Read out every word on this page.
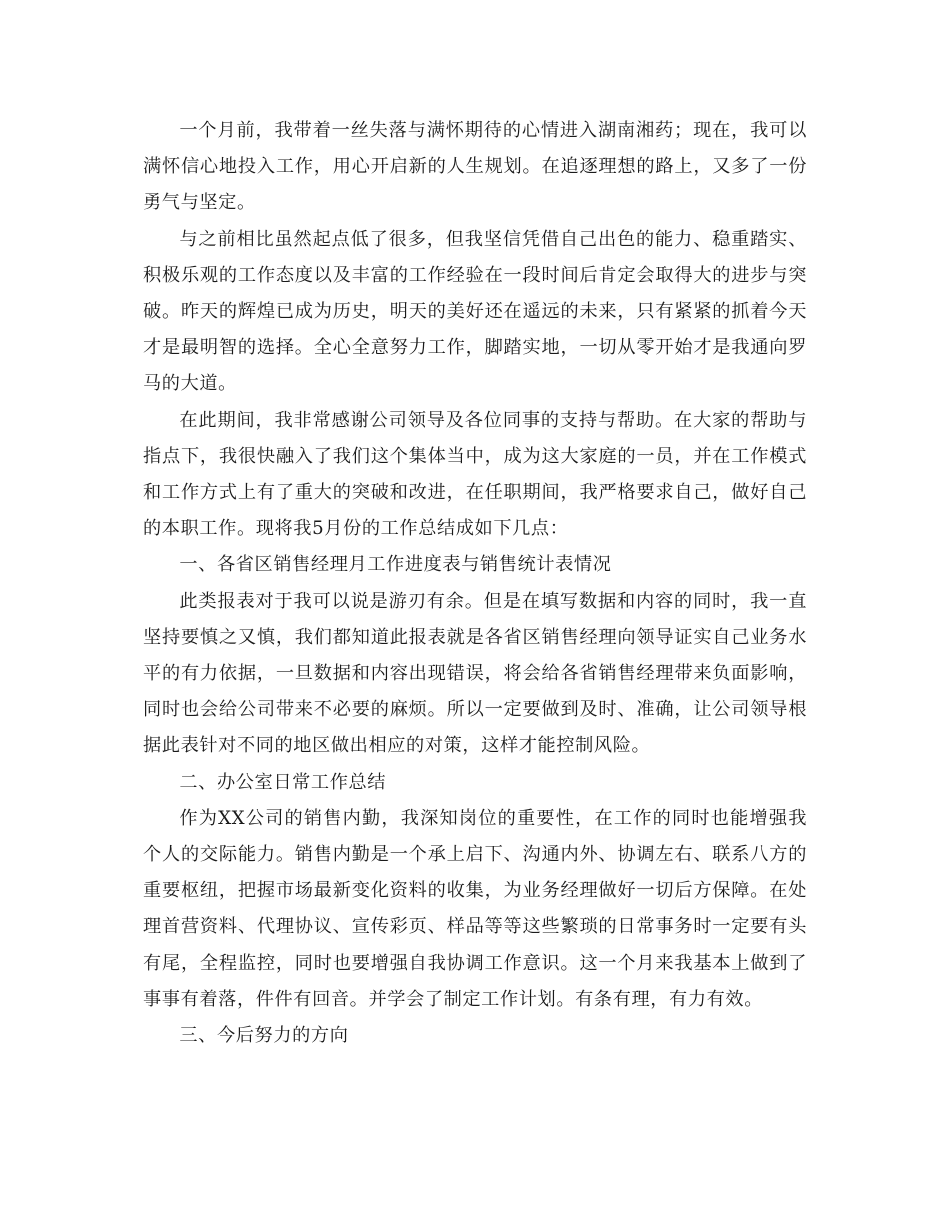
一个月前，我带着一丝失落与满怀期待的心情进入湖南湘药；现在，我可以满怀信心地投入工作，用心开启新的人生规划。在追逐理想的路上，又多了一份勇气与坚定。

与之前相比虽然起点低了很多，但我坚信凭借自己出色的能力、稳重踏实、积极乐观的工作态度以及丰富的工作经验在一段时间后肯定会取得大的进步与突破。昨天的辉煌已成为历史，明天的美好还在遥远的未来，只有紧紧的抓着今天才是最明智的选择。全心全意努力工作，脚踏实地，一切从零开始才是我通向罗马的大道。

在此期间，我非常感谢公司领导及各位同事的支持与帮助。在大家的帮助与指点下，我很快融入了我们这个集体当中，成为这大家庭的一员，并在工作模式和工作方式上有了重大的突破和改进，在任职期间，我严格要求自己，做好自己的本职工作。现将我5月份的工作总结成如下几点：

一、各省区销售经理月工作进度表与销售统计表情况

此类报表对于我可以说是游刃有余。但是在填写数据和内容的同时，我一直坚持要慎之又慎，我们都知道此报表就是各省区销售经理向领导证实自己业务水平的有力依据，一旦数据和内容出现错误，将会给各省销售经理带来负面影响，同时也会给公司带来不必要的麻烦。所以一定要做到及时、准确，让公司领导根据此表针对不同的地区做出相应的对策，这样才能控制风险。

二、办公室日常工作总结

作为XX公司的销售内勤，我深知岗位的重要性，在工作的同时也能增强我个人的交际能力。销售内勤是一个承上启下、沟通内外、协调左右、联系八方的重要枢纽，把握市场最新变化资料的收集，为业务经理做好一切后方保障。在处理首营资料、代理协议、宣传彩页、样品等等这些繁琐的日常事务时一定要有头有尾，全程监控，同时也要增强自我协调工作意识。这一个月来我基本上做到了事事有着落，件件有回音。并学会了制定工作计划。有条有理，有力有效。

三、今后努力的方向
